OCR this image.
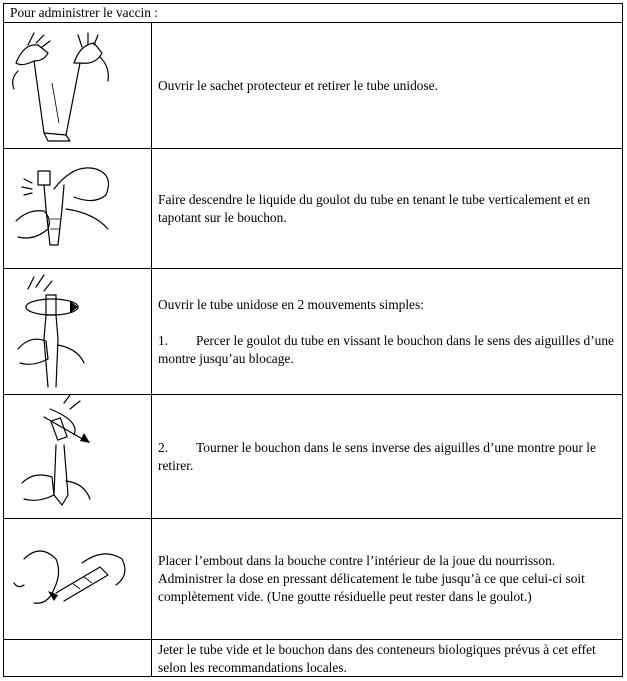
Pour administrer le vaccin :

Ouvrir le sachet protecteur et retirer le tube unidose.

Faire descendre le liquide du goulot du tube en tenant le tube verticalement et en tapotant sur le bouchon.

Ouvrir le tube unidose en 2 mouvements simples:

1. Percer le goulot du tube en vissant le bouchon dans le sens des aiguilles d’une montre jusqu’au blocage.

2. Tourner le bouchon dans le sens inverse des aiguilles d’une montre pour le retirer.

Placer l’embout dans la bouche contre l’intérieur de la joue du nourrisson. Administrer la dose en pressant délicatement le tube jusqu’à ce que celui-ci soit complètement vide. (Une goutte résiduelle peut rester dans le goulot.)

Jeter le tube vide et le bouchon dans des conteneurs biologiques prévus à cet effet selon les recommandations locales.
